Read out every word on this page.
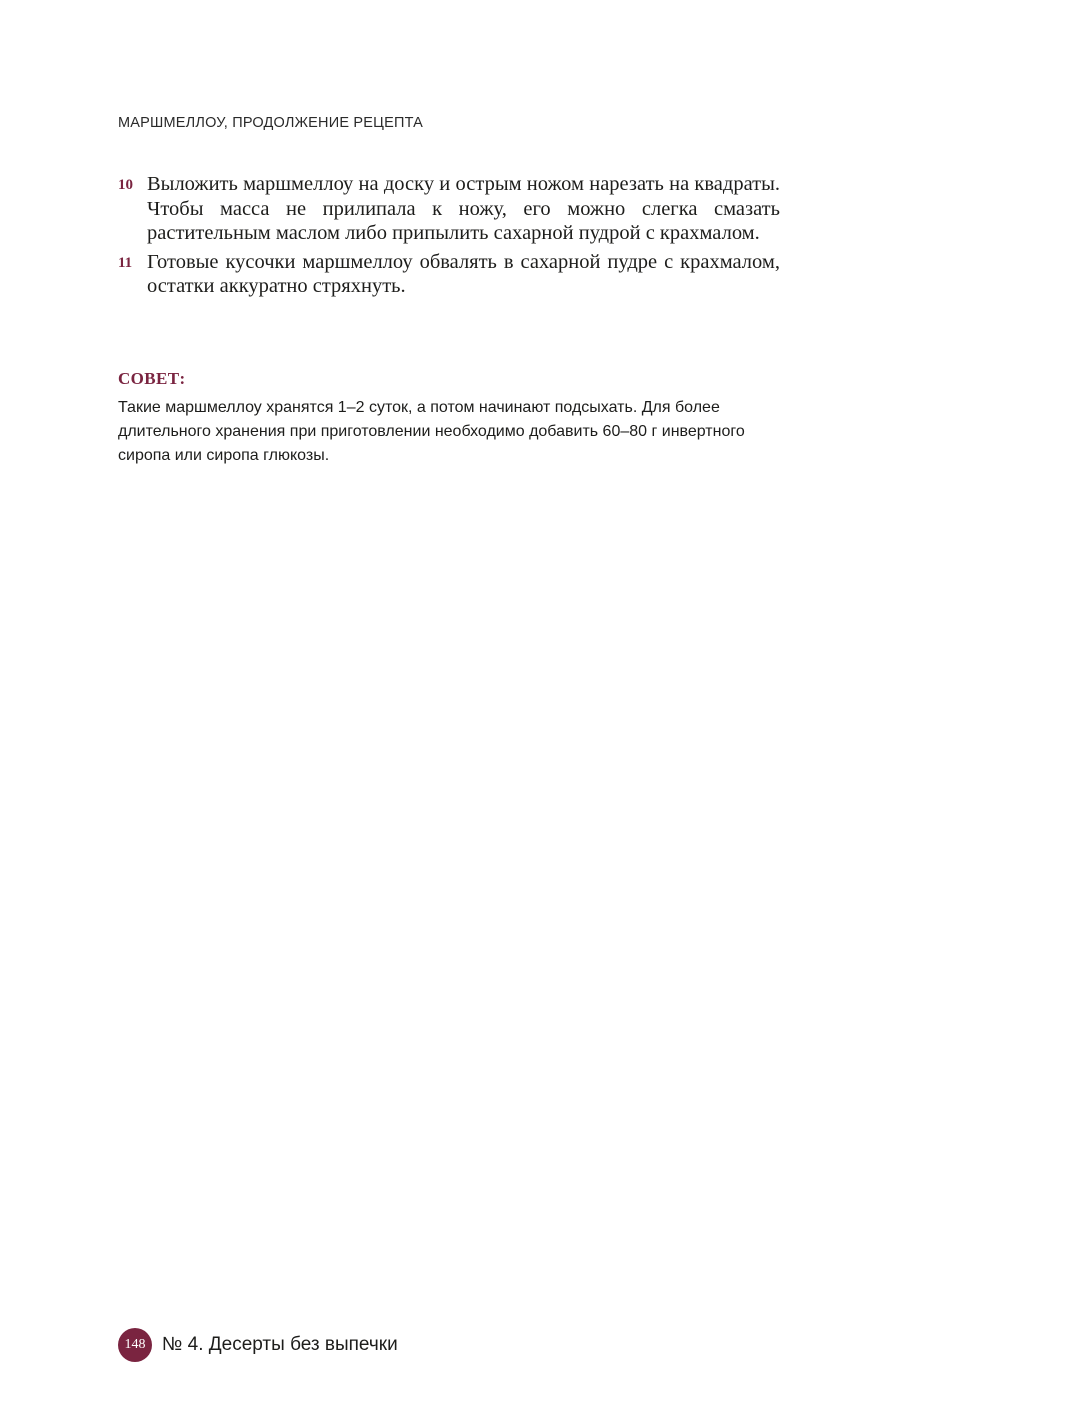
МАРШМЕЛЛОУ, ПРОДОЛЖЕНИЕ РЕЦЕПТА
10 Выложить маршмеллоу на доску и острым ножом нарезать на квадраты. Чтобы масса не прилипала к ножу, его можно слегка смазать растительным маслом либо припылить сахарной пудрой с крахмалом.
11 Готовые кусочки маршмеллоу обвалять в сахарной пудре с крахмалом, остатки аккуратно стряхнуть.
СОВЕТ:
Такие маршмеллоу хранятся 1–2 суток, а потом начинают подсыхать. Для более длительного хранения при приготовлении необходимо добавить 60–80 г инвертного сиропа или сиропа глюкозы.
148 № 4. Десерты без выпечки
